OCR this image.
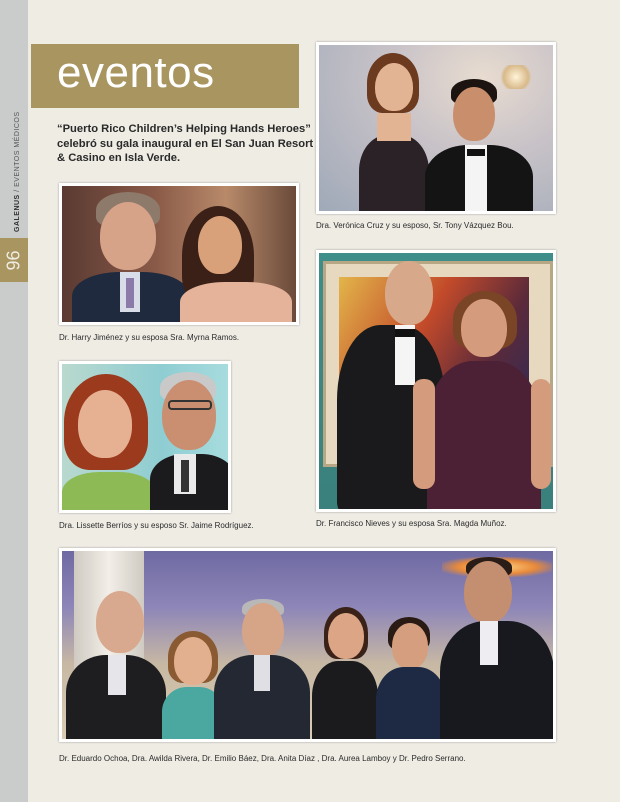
96
GALENUS / EVENTOS MÉDICOS
eventos
“Puerto Rico Children’s Helping Hands Heroes” celebró su gala inaugural en El San Juan Resort & Casino en Isla Verde.
Dra. Verónica Cruz y su esposo, Sr. Tony Vázquez Bou.
Dr. Harry Jiménez y su esposa Sra. Myrna Ramos.
Dr. Francisco Nieves y su esposa Sra. Magda Muñoz.
Dra. Lissette Berríos y su esposo Sr. Jaime Rodríguez.
Dr. Eduardo Ochoa, Dra. Awilda Rivera, Dr. Emilio Báez, Dra. Anita Díaz , Dra. Aurea Lamboy y Dr. Pedro Serrano.
